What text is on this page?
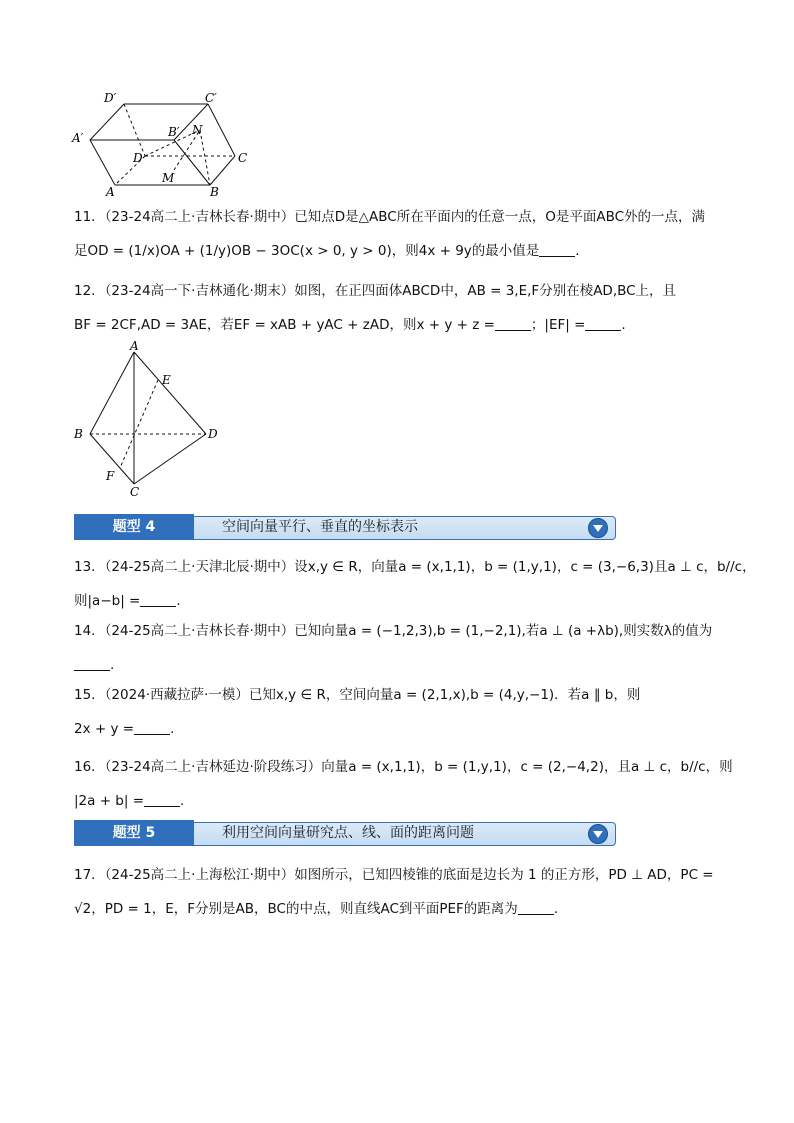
D′	C′
A′	B′ N
D	C
M
A	B
11．（23-24高二上·吉林长春·期中）已知点D是△ABC所在平面内的任意一点，O是平面ABC外的一点，满
足OD = (1/x)OA + (1/y)OB − 3OC(x > 0, y > 0)，则4x + 9y的最小值是	．
12．（23-24高一下·吉林通化·期末）如图，在正四面体ABCD中，AB = 3,E,F分别在棱AD,BC上，且
BF = 2CF,AD = 3AE，若EF = xAB + yAC + zAD，则x + y + z =	；|EF| =	.
A
E
B	D
F
C
题型 4	空间向量平行、垂直的坐标表示
13．（24-25高二上·天津北辰·期中）设x,y ∈ R，向量a = (x,1,1)，b = (1,y,1)，c = (3,−6,3)且a ⊥ c，b//c，
则|a−b| =	.
14．（24-25高二上·吉林长春·期中）已知向量a = (−1,2,3),b = (1,−2,1),若a ⊥ (a +λb),则实数λ的值为
.
15．（2024·西藏拉萨·一模）已知x,y ∈ R，空间向量a = (2,1,x),b = (4,y,−1)．若a ∥ b，则
2x + y =	.
16．（23-24高二上·吉林延边·阶段练习）向量a = (x,1,1)，b = (1,y,1)，c = (2,−4,2)，且a ⊥ c，b//c，则
|2a + b| =	.
题型 5	利用空间向量研究点、线、面的距离问题
17．（24-25高二上·上海松江·期中）如图所示，已知四棱锥的底面是边长为 1 的正方形，PD ⊥ AD，PC =
√2，PD = 1，E，F分别是AB，BC的中点，则直线AC到平面PEF的距离为	.
